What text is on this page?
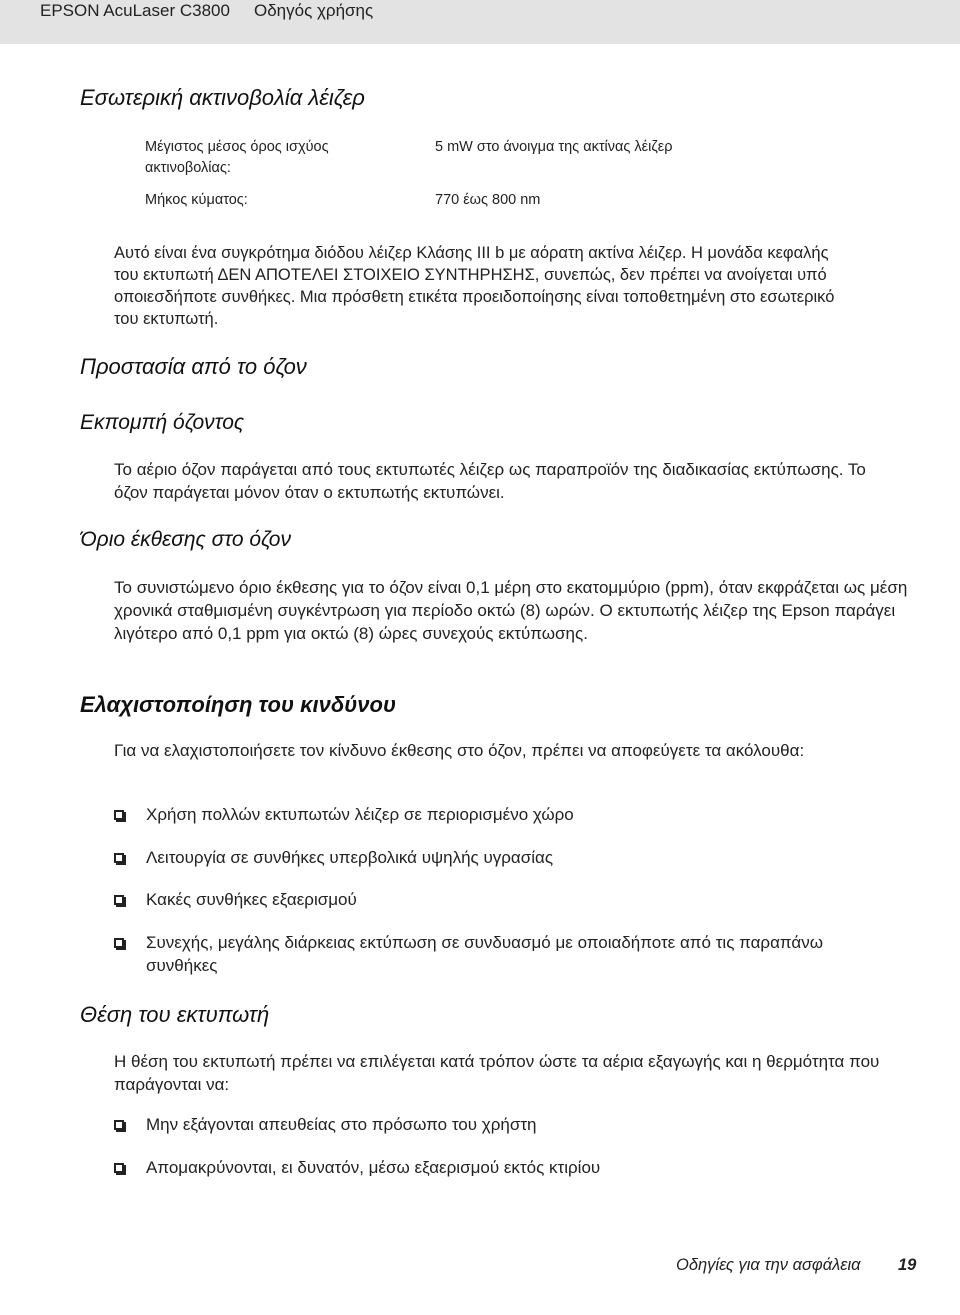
EPSON AcuLaser C3800 Οδηγός χρήσης
Εσωτερική ακτινοβολία λέιζερ
Μέγιστος μέσος όρος ισχύος ακτινοβολίας:
5 mW στο άνοιγμα της ακτίνας λέιζερ
Μήκος κύματος:	770 έως 800 nm
Αυτό είναι ένα συγκρότημα διόδου λέιζερ Κλάσης III b με αόρατη ακτίνα λέιζερ. Η μονάδα κεφαλής του εκτυπωτή ΔΕΝ ΑΠΟΤΕΛΕΙ ΣΤΟΙΧΕΙΟ ΣΥΝΤΗΡΗΣΗΣ, συνεπώς, δεν πρέπει να ανοίγεται υπό οποιεσδήποτε συνθήκες. Μια πρόσθετη ετικέτα προειδοποίησης είναι τοποθετημένη στο εσωτερικό του εκτυπωτή.
Προστασία από το όζον
Εκπομπή όζοντος
Το αέριο όζον παράγεται από τους εκτυπωτές λέιζερ ως παραπροϊόν της διαδικασίας εκτύπωσης. Το όζον παράγεται μόνον όταν ο εκτυπωτής εκτυπώνει.
Όριο έκθεσης στο όζον
Το συνιστώμενο όριο έκθεσης για το όζον είναι 0,1 μέρη στο εκατομμύριο (ppm), όταν εκφράζεται ως μέση χρονικά σταθμισμένη συγκέντρωση για περίοδο οκτώ (8) ωρών. Ο εκτυπωτής λέιζερ της Epson παράγει λιγότερο από 0,1 ppm για οκτώ (8) ώρες συνεχούς εκτύπωσης.
Ελαχιστοποίηση του κινδύνου
Για να ελαχιστοποιήσετε τον κίνδυνο έκθεσης στο όζον, πρέπει να αποφεύγετε τα ακόλουθα:
Χρήση πολλών εκτυπωτών λέιζερ σε περιορισμένο χώρο
Λειτουργία σε συνθήκες υπερβολικά υψηλής υγρασίας
Κακές συνθήκες εξαερισμού
Συνεχής, μεγάλης διάρκειας εκτύπωση σε συνδυασμό με οποιαδήποτε από τις παραπάνω συνθήκες
Θέση του εκτυπωτή
Η θέση του εκτυπωτή πρέπει να επιλέγεται κατά τρόπον ώστε τα αέρια εξαγωγής και η θερμότητα που παράγονται να:
Μην εξάγονται απευθείας στο πρόσωπο του χρήστη
Απομακρύνονται, ει δυνατόν, μέσω εξαερισμού εκτός κτιρίου
Οδηγίες για την ασφάλεια 19
